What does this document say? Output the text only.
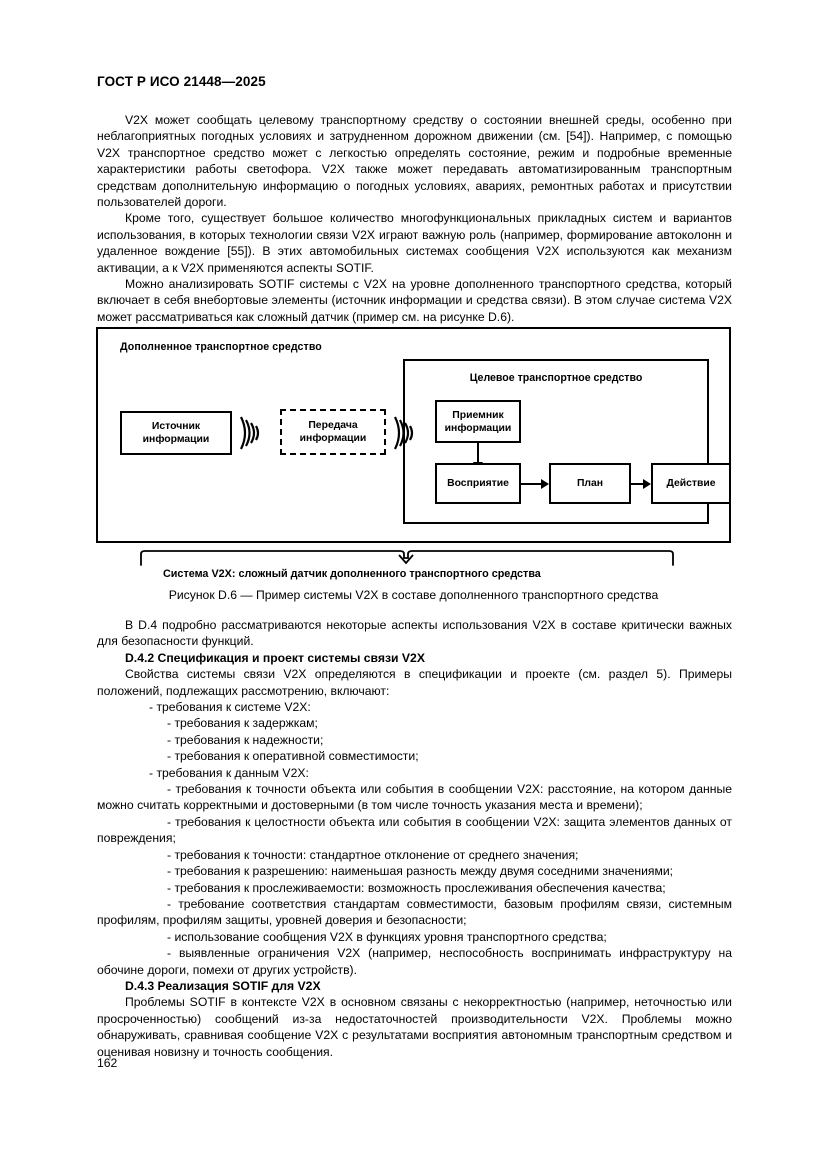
ГОСТ Р ИСО 21448—2025

V2X может сообщать целевому транспортному средству о состоянии внешней среды, особенно при неблагоприятных погодных условиях и затрудненном дорожном движении (см. [54]). Например, с помощью V2X транспортное средство может с легкостью определять состояние, режим и подробные временные характеристики работы светофора. V2X также может передавать автоматизированным транспортным средствам дополнительную информацию о погодных условиях, авариях, ремонтных работах и присутствии пользователей дороги.

Кроме того, существует большое количество многофункциональных прикладных систем и вариантов использования, в которых технологии связи V2X играют важную роль (например, формирование автоколонн и удаленное вождение [55]). В этих автомобильных системах сообщения V2X используются как механизм активации, а к V2X применяются аспекты SOTIF.

Можно анализировать SOTIF системы с V2X на уровне дополненного транспортного средства, который включает в себя внебортовые элементы (источник информации и средства связи). В этом случае система V2X может рассматриваться как сложный датчик (пример см. на рисунке D.6).

Дополненное транспортное средство
Источник информации
Передача информации
Целевое транспортное средство
Приемник информации
Восприятие	План	Действие
Система V2X: сложный датчик дополненного транспортного средства
Рисунок D.6 — Пример системы V2X в составе дополненного транспортного средства

В D.4 подробно рассматриваются некоторые аспекты использования V2X в составе критически важных для безопасности функций.

D.4.2 Спецификация и проект системы связи V2X

Свойства системы связи V2X определяются в спецификации и проекте (см. раздел 5). Примеры положений, подлежащих рассмотрению, включают:

- требования к системе V2X:

- требования к задержкам;

- требования к надежности;

- требования к оперативной совместимости;

- требования к данным V2X:

- требования к точности объекта или события в сообщении V2X: расстояние, на котором данные можно считать корректными и достоверными (в том числе точность указания места и времени);

- требования к целостности объекта или события в сообщении V2X: защита элементов данных от повреждения;

- требования к точности: стандартное отклонение от среднего значения;

- требования к разрешению: наименьшая разность между двумя соседними значениями;

- требования к прослеживаемости: возможность прослеживания обеспечения качества;

- требование соответствия стандартам совместимости, базовым профилям связи, системным профилям, профилям защиты, уровней доверия и безопасности;

- использование сообщения V2X в функциях уровня транспортного средства;

- выявленные ограничения V2X (например, неспособность воспринимать инфраструктуру на обочине дороги, помехи от других устройств).

D.4.3 Реализация SOTIF для V2X

Проблемы SOTIF в контексте V2X в основном связаны с некорректностью (например, неточностью или просроченностью) сообщений из-за недостаточностей производительности V2X. Проблемы можно обнаруживать, сравнивая сообщение V2X с результатами восприятия автономным транспортным средством и оценивая новизну и точность сообщения.

162
